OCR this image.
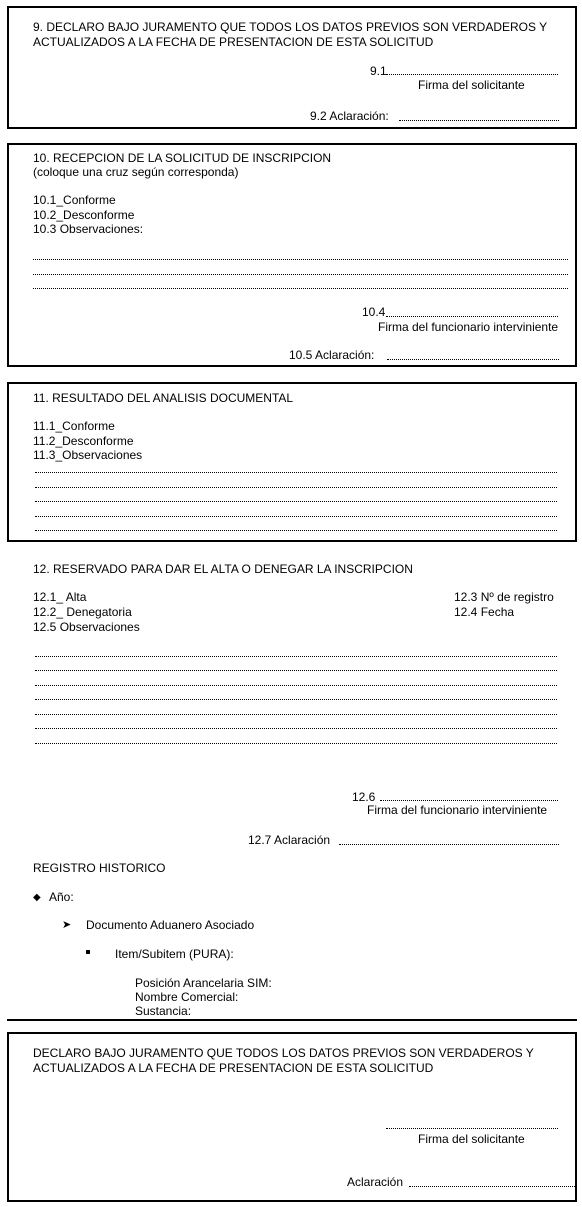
9. DECLARO BAJO JURAMENTO QUE TODOS LOS DATOS PREVIOS SON VERDADEROS Y
ACTUALIZADOS A LA FECHA DE PRESENTACION DE ESTA SOLICITUD
9.1
Firma del solicitante
9.2 Aclaración:
10. RECEPCION DE LA SOLICITUD DE INSCRIPCION
(coloque una cruz según corresponda)
10.1_Conforme
10.2_Desconforme
10.3 Observaciones:
10.4
Firma del funcionario interviniente
10.5 Aclaración:
11. RESULTADO DEL ANALISIS DOCUMENTAL
11.1_Conforme
11.2_Desconforme
11.3_Observaciones
12. RESERVADO PARA DAR EL ALTA O DENEGAR LA INSCRIPCION
12.1_ Alta
12.2_ Denegatoria
12.5 Observaciones
12.3 Nº de registro
12.4 Fecha
12.6
Firma del funcionario interviniente
12.7 Aclaración
REGISTRO HISTORICO
◆ Año:
➤ Documento Aduanero Asociado
Item/Subitem (PURA):
Posición Arancelaria SIM:
Nombre Comercial:
Sustancia:
DECLARO BAJO JURAMENTO QUE TODOS LOS DATOS PREVIOS SON VERDADEROS Y
ACTUALIZADOS A LA FECHA DE PRESENTACION DE ESTA SOLICITUD
Firma del solicitante
Aclaración
